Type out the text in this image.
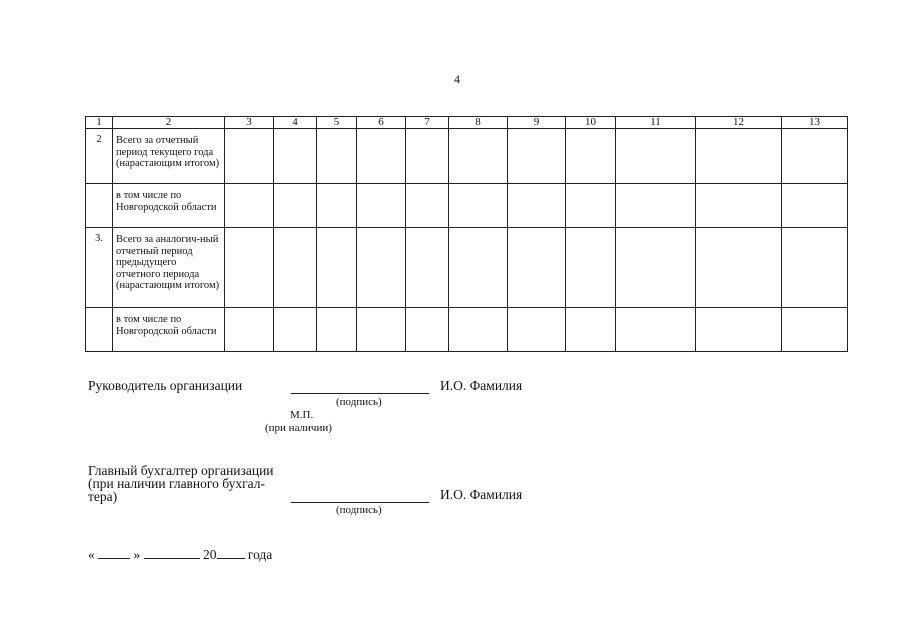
4
1	2	3	4	5	6	7	8	9	10	11	12	13
2	Всего за отчетный период текущего года (нарастающим итогом)											
	в том числе по Новгородской области											
3.	Всего за аналогич-ный отчетный период предыдущего отчетного периода (нарастающим итогом)											
	в том числе по Новгородской области											
Руководитель организации	И.О. Фамилия
(подпись)
М.П.
(при наличии)
Главный бухгалтер организации
(при наличии главного бухгал-
тера)	И.О. Фамилия
(подпись)
«	»	20 года
